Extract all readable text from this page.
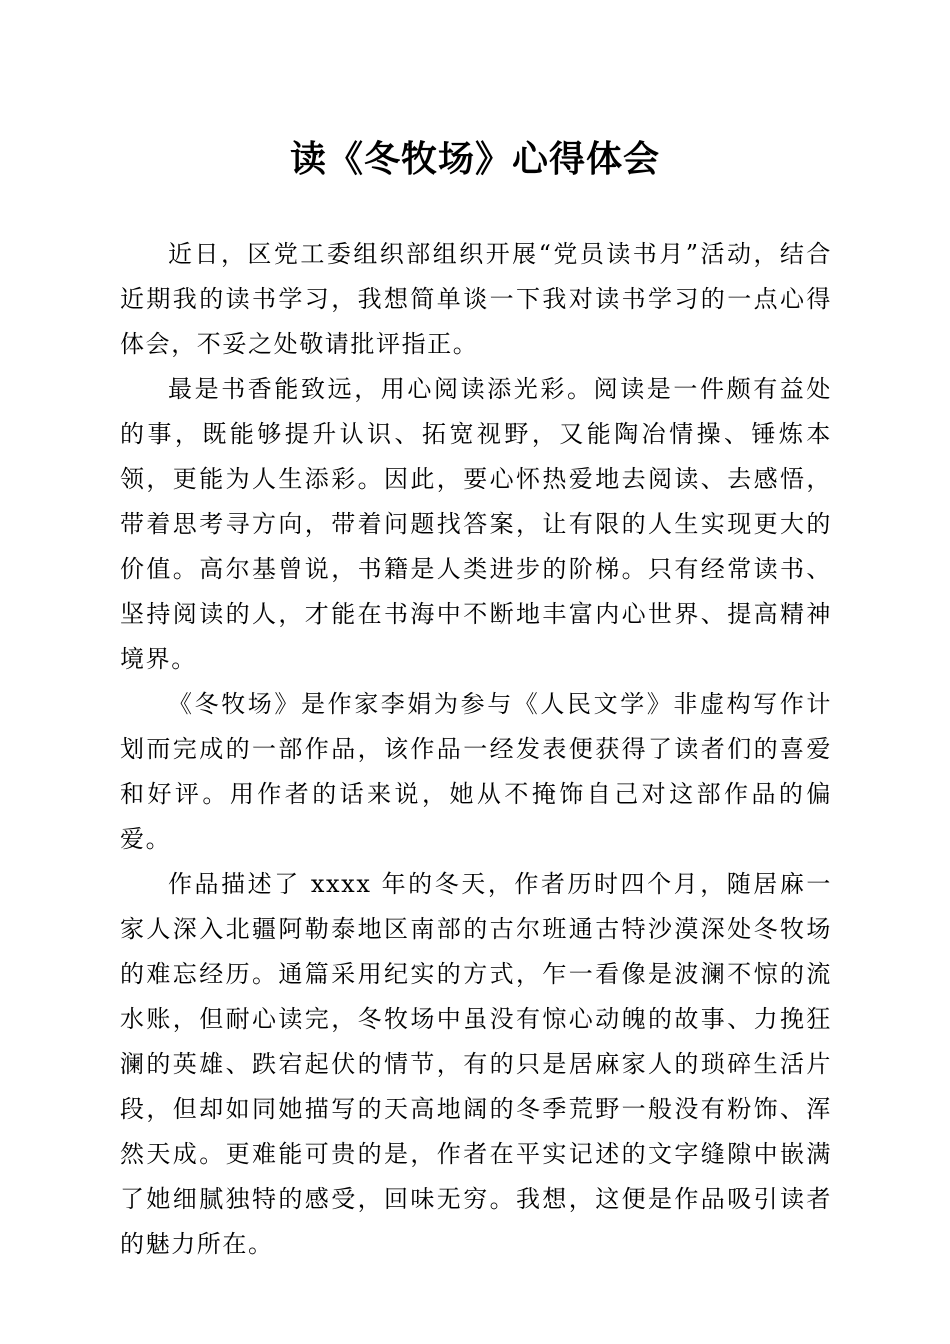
读《冬牧场》心得体会

近日，区党工委组织部组织开展“党员读书月”活动，结合近期我的读书学习，我想简单谈一下我对读书学习的一点心得体会，不妥之处敬请批评指正。

最是书香能致远，用心阅读添光彩。阅读是一件颇有益处的事，既能够提升认识、拓宽视野，又能陶冶情操、锤炼本领，更能为人生添彩。因此，要心怀热爱地去阅读、去感悟，带着思考寻方向，带着问题找答案，让有限的人生实现更大的价值。高尔基曾说，书籍是人类进步的阶梯。只有经常读书、坚持阅读的人，才能在书海中不断地丰富内心世界、提高精神境界。

《冬牧场》是作家李娟为参与《人民文学》非虚构写作计划而完成的一部作品，该作品一经发表便获得了读者们的喜爱和好评。用作者的话来说，她从不掩饰自己对这部作品的偏爱。

作品描述了 xxxx 年的冬天，作者历时四个月，随居麻一家人深入北疆阿勒泰地区南部的古尔班通古特沙漠深处冬牧场的难忘经历。通篇采用纪实的方式，乍一看像是波澜不惊的流水账，但耐心读完，冬牧场中虽没有惊心动魄的故事、力挽狂澜的英雄、跌宕起伏的情节，有的只是居麻家人的琐碎生活片段，但却如同她描写的天高地阔的冬季荒野一般没有粉饰、浑然天成。更难能可贵的是，作者在平实记述的文字缝隙中嵌满了她细腻独特的感受，回味无穷。我想，这便是作品吸引读者的魅力所在。
